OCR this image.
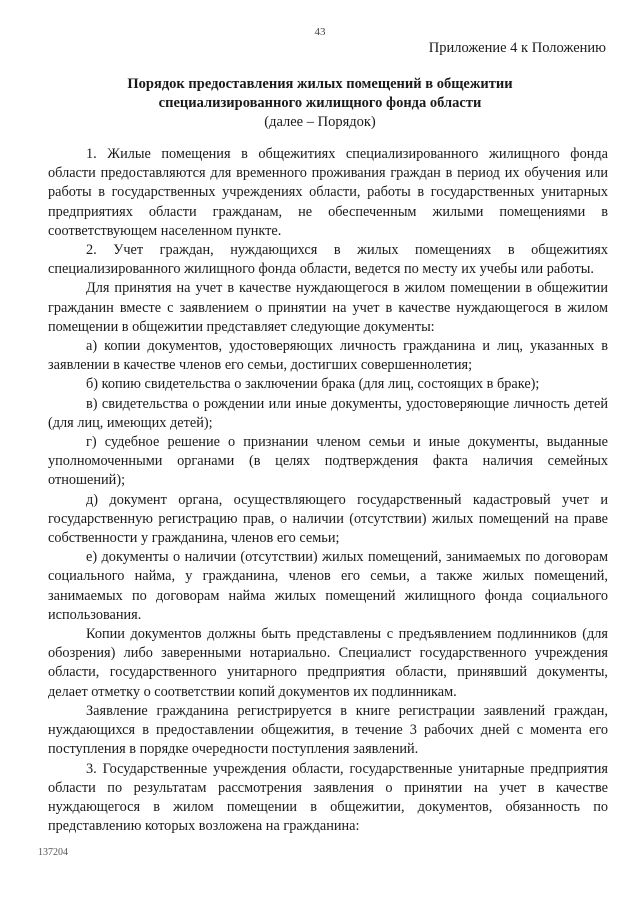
43
Приложение 4 к Положению
Порядок предоставления жилых помещений в общежитии
специализированного жилищного фонда области
(далее – Порядок)

1. Жилые помещения в общежитиях специализированного жилищного фонда области предоставляются для временного проживания граждан в период их обучения или работы в государственных учреждениях области, работы в государственных унитарных предприятиях области гражданам, не обеспеченным жилыми помещениями в соответствующем населенном пункте.

2. Учет граждан, нуждающихся в жилых помещениях в общежитиях специализированного жилищного фонда области, ведется по месту их учебы или работы.

Для принятия на учет в качестве нуждающегося в жилом помещении в общежитии гражданин вместе с заявлением о принятии на учет в качестве нуждающегося в жилом помещении в общежитии представляет следующие документы:

а) копии документов, удостоверяющих личность гражданина и лиц, указанных в заявлении в качестве членов его семьи, достигших совершеннолетия;

б) копию свидетельства о заключении брака (для лиц, состоящих в браке);

в) свидетельства о рождении или иные документы, удостоверяющие личность детей (для лиц, имеющих детей);

г) судебное решение о признании членом семьи и иные документы, выданные уполномоченными органами (в целях подтверждения факта наличия семейных отношений);

д) документ органа, осуществляющего государственный кадастровый учет и государственную регистрацию прав, о наличии (отсутствии) жилых помещений на праве собственности у гражданина, членов его семьи;

е) документы о наличии (отсутствии) жилых помещений, занимаемых по договорам социального найма, у гражданина, членов его семьи, а также жилых помещений, занимаемых по договорам найма жилых помещений жилищного фонда социального использования.

Копии документов должны быть представлены с предъявлением подлинников (для обозрения) либо заверенными нотариально. Специалист государственного учреждения области, государственного унитарного предприятия области, принявший документы, делает отметку о соответствии копий документов их подлинникам.

Заявление гражданина регистрируется в книге регистрации заявлений граждан, нуждающихся в предоставлении общежития, в течение 3 рабочих дней с момента его поступления в порядке очередности поступления заявлений.

3. Государственные учреждения области, государственные унитарные предприятия области по результатам рассмотрения заявления о принятии на учет в качестве нуждающегося в жилом помещении в общежитии, документов, обязанность по представлению которых возложена на гражданина:

137204
